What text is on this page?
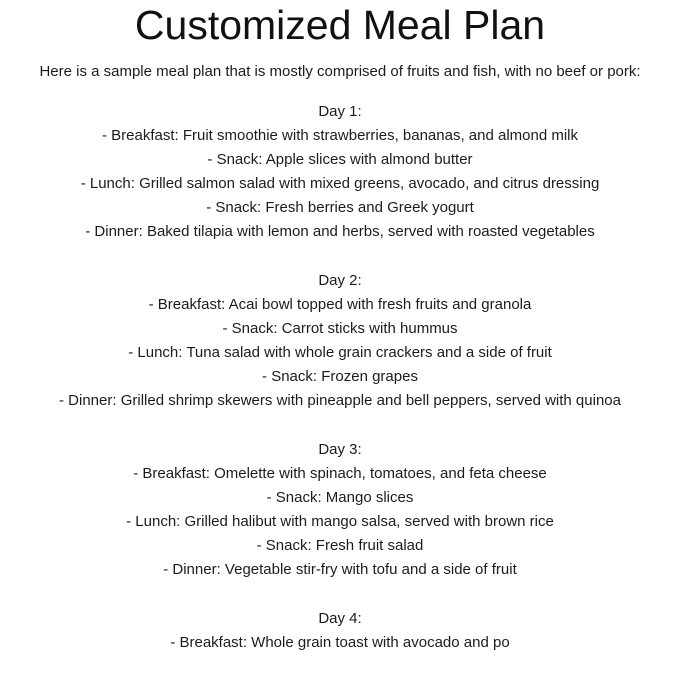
Customized Meal Plan
Here is a sample meal plan that is mostly comprised of fruits and fish, with no beef or pork:
Day 1:
- Breakfast: Fruit smoothie with strawberries, bananas, and almond milk
- Snack: Apple slices with almond butter
- Lunch: Grilled salmon salad with mixed greens, avocado, and citrus dressing
- Snack: Fresh berries and Greek yogurt
- Dinner: Baked tilapia with lemon and herbs, served with roasted vegetables
Day 2:
- Breakfast: Acai bowl topped with fresh fruits and granola
- Snack: Carrot sticks with hummus
- Lunch: Tuna salad with whole grain crackers and a side of fruit
- Snack: Frozen grapes
- Dinner: Grilled shrimp skewers with pineapple and bell peppers, served with quinoa
Day 3:
- Breakfast: Omelette with spinach, tomatoes, and feta cheese
- Snack: Mango slices
- Lunch: Grilled halibut with mango salsa, served with brown rice
- Snack: Fresh fruit salad
- Dinner: Vegetable stir-fry with tofu and a side of fruit
Day 4:
- Breakfast: Whole grain toast with avocado and po
